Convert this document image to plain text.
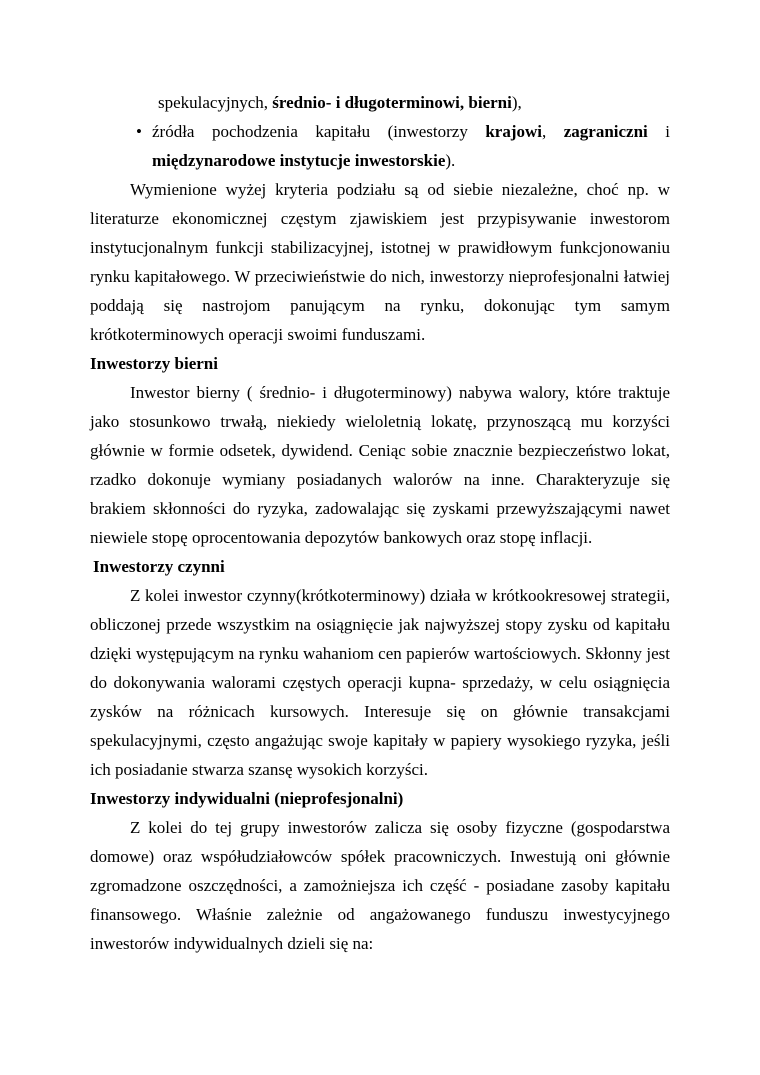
spekulacyjnych, średnio- i długoterminowi, bierni),

• źródła pochodzenia kapitału (inwestorzy krajowi, zagraniczni i międzynarodowe instytucje inwestorskie).

Wymienione wyżej kryteria podziału są od siebie niezależne, choć np. w literaturze ekonomicznej częstym zjawiskiem jest przypisywanie inwestorom instytucjonalnym funkcji stabilizacyjnej, istotnej w prawidłowym funkcjonowaniu rynku kapitałowego. W przeciwieństwie do nich, inwestorzy nieprofesjonalni łatwiej poddają się nastrojom panującym na rynku, dokonując tym samym krótkoterminowych operacji swoimi funduszami.

Inwestorzy bierni

Inwestor bierny ( średnio- i długoterminowy) nabywa walory, które traktuje jako stosunkowo trwałą, niekiedy wieloletnią lokatę, przynoszącą mu korzyści głównie w formie odsetek, dywidend. Ceniąc sobie znacznie bezpieczeństwo lokat, rzadko dokonuje wymiany posiadanych walorów na inne. Charakteryzuje się brakiem skłonności do ryzyka, zadowalając się zyskami przewyższającymi nawet niewiele stopę oprocentowania depozytów bankowych oraz stopę inflacji.

Inwestorzy czynni

Z kolei inwestor czynny(krótkoterminowy) działa w krótkookresowej strategii, obliczonej przede wszystkim na osiągnięcie jak najwyższej stopy zysku od kapitału dzięki występującym na rynku wahaniom cen papierów wartościowych. Skłonny jest do dokonywania walorami częstych operacji kupna- sprzedaży, w celu osiągnięcia zysków na różnicach kursowych. Interesuje się on głównie transakcjami spekulacyjnymi, często angażując swoje kapitały w papiery wysokiego ryzyka, jeśli ich posiadanie stwarza szansę wysokich korzyści.

Inwestorzy indywidualni (nieprofesjonalni)

Z kolei do tej grupy inwestorów zalicza się osoby fizyczne (gospodarstwa domowe) oraz współudziałowców spółek pracowniczych. Inwestują oni głównie zgromadzone oszczędności, a zamożniejsza ich część - posiadane zasoby kapitału finansowego. Właśnie zależnie od angażowanego funduszu inwestycyjnego inwestorów indywidualnych dzieli się na:
